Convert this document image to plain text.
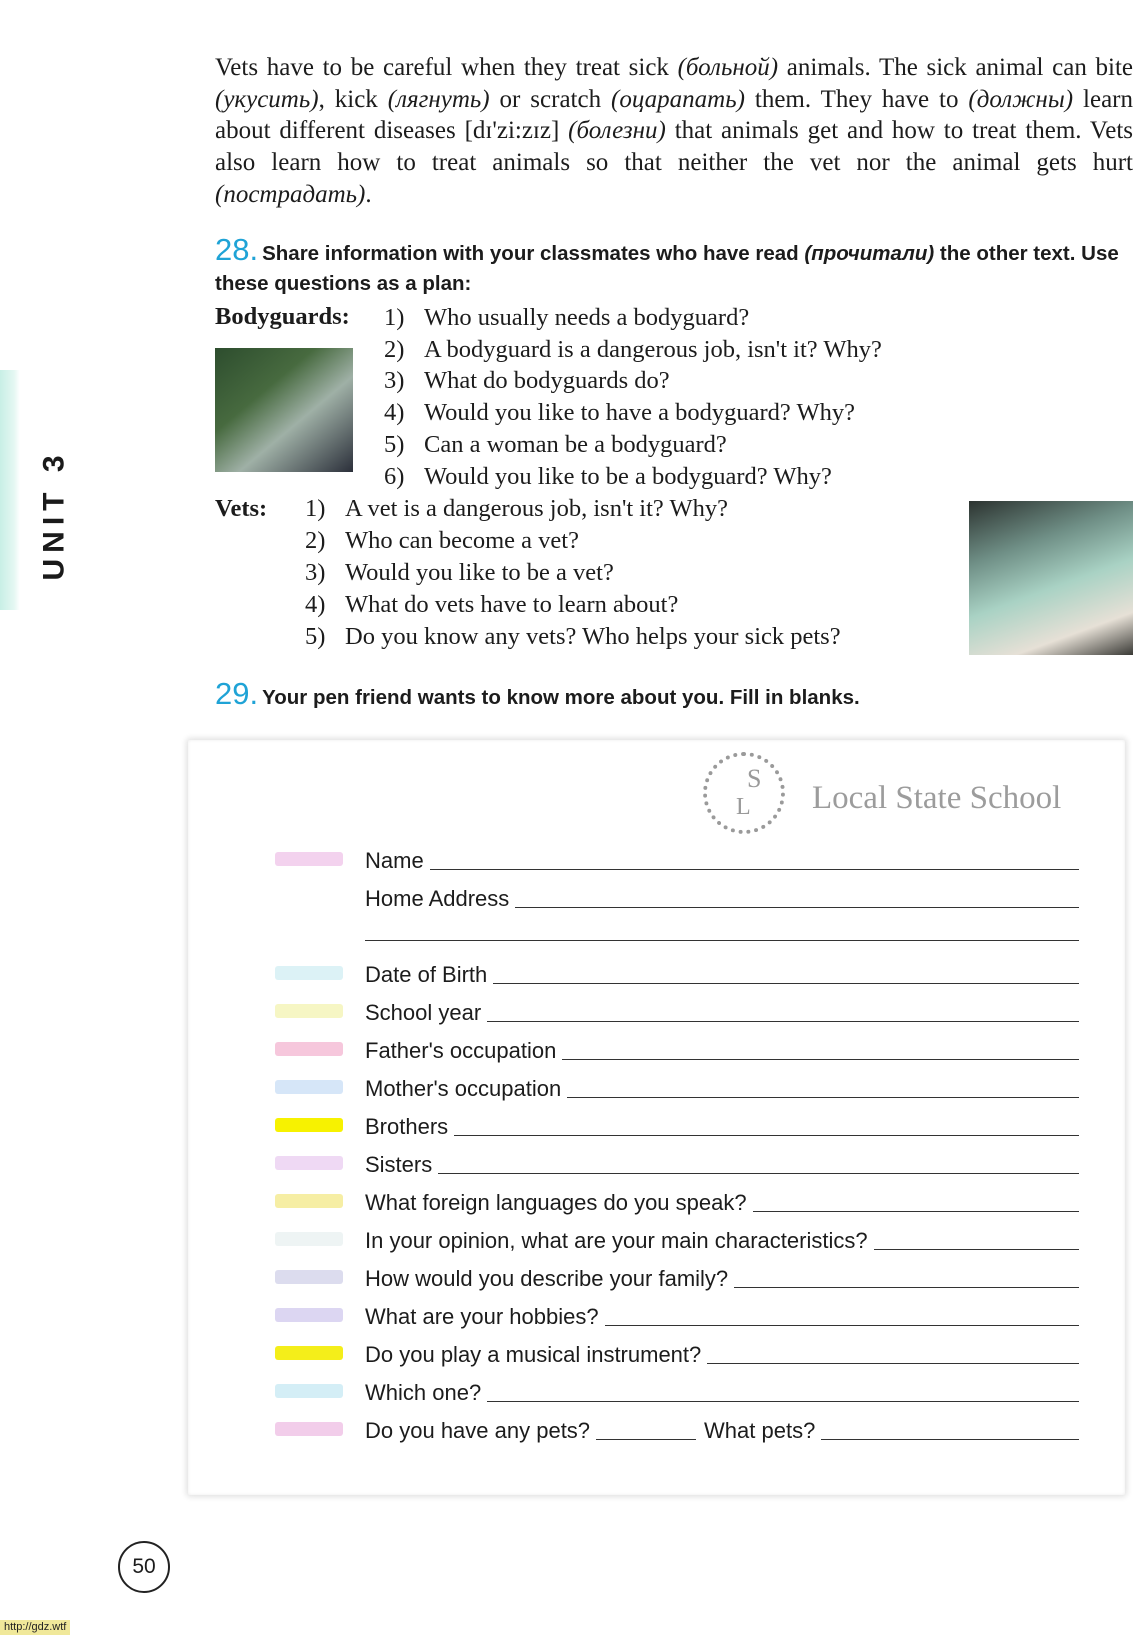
UNIT 3

Vets have to be careful when they treat sick (больной) animals. The sick animal can bite (укусить), kick (лягнуть) or scratch (оцарапать) them. They have to (должны) learn about different diseases [dɪ'zi:zɪz] (болезни) that animals get and how to treat them. Vets also learn how to treat animals so that neither the vet nor the animal gets hurt (пострадать).

28. Share information with your classmates who have read (прочитали) the other text. Use these questions as a plan:

Bodyguards: 1) Who usually needs a bodyguard?
2) A bodyguard is a dangerous job, isn't it? Why?
3) What do bodyguards do?
4) Would you like to have a bodyguard? Why?
5) Can a woman be a bodyguard?
6) Would you like to be a bodyguard? Why?
Vets: 1) A vet is a dangerous job, isn't it? Why?
2) Who can become a vet?
3) Would you like to be a vet?
4) What do vets have to learn about?
5) Do you know any vets? Who helps your sick pets?

29. Your pen friend wants to know more about you. Fill in blanks.

S
L Local State School
Name
Home Address
Date of Birth
School year
Father's occupation
Mother's occupation
Brothers
Sisters
What foreign languages do you speak?
In your opinion, what are your main characteristics?
How would you describe your family?
What are your hobbies?
Do you play a musical instrument?
Which one?
Do you have any pets?	What pets?
50
http://gdz.wtf
